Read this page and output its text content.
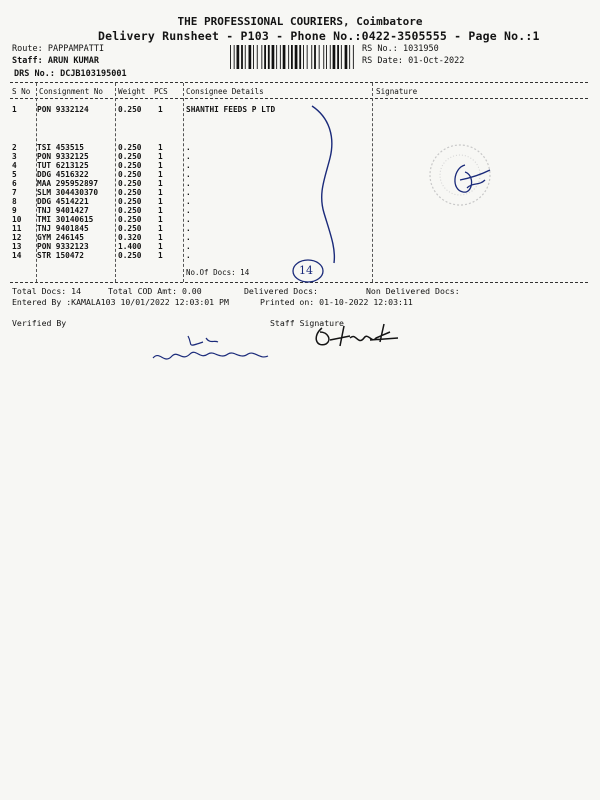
THE PROFESSIONAL COURIERS, Coimbatore
Delivery Runsheet - P103 - Phone No.:0422-3505555 - Page No.:1
Route: PAPPAMPATTI
Staff: ARUN KUMAR
DRS No.: DCJB103195001
RS No.: 1031950
RS Date: 01-Oct-2022
S No Consignment No Weight PCS Consignee Details	Signature
1	PON 9332124	0.250 1	SHANTHI FEEDS P LTD
2	TSI 453515	0.250 1	.
3	PON 9332125	0.250 1	.
4	TUT 6213125	0.250 1	.
5	DDG 4516322	0.250 1	.
6	MAA 295952897	0.250 1	.
7	SLM 304430370	0.250 1	.
8	DDG 4514221	0.250 1	.
9	TNJ 9401427	0.250 1	.
10 TMI 30140615	0.250 1	.
11 TNJ 9401845	0.250 1	.
12 GYM 246145	0.320 1	.
13 PON 9332123	1.400 1	.
14 STR 150472	0.250 1	.
No.Of Docs: 14	14
Total Docs: 14	Total COD Amt: 0.00	Delivered Docs:	Non Delivered Docs:
Entered By :KAMALA103 10/01/2022 12:03:01 PM	Printed on: 01-10-2022 12:03:11
Verified By	Staff Signature
